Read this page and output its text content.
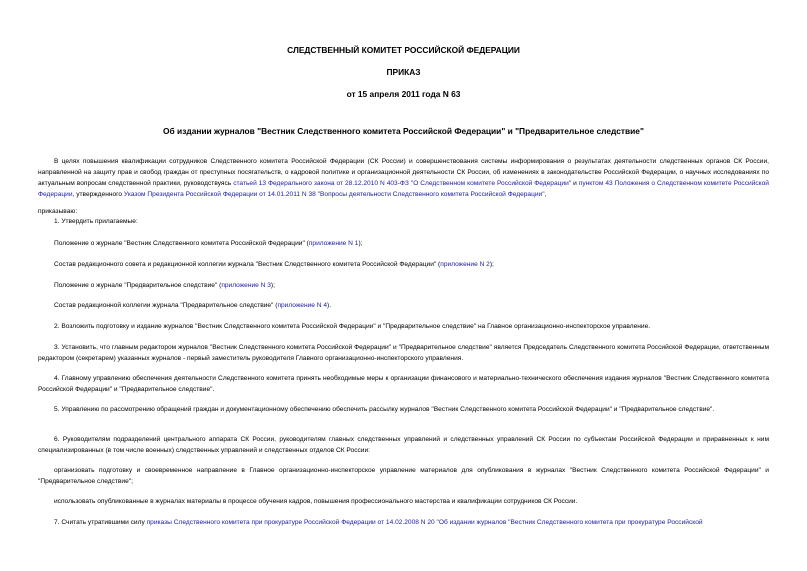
СЛЕДСТВЕННЫЙ КОМИТЕТ РОССИЙСКОЙ ФЕДЕРАЦИИ
ПРИКАЗ
от 15 апреля 2011 года N 63
Об издании журналов "Вестник Следственного комитета Российской Федерации" и "Предварительное следствие"
В целях повышения квалификации сотрудников Следственного комитета Российской Федерации (СК России) и совершенствования системы информирования о результатах деятельности следственных органов СК России, направленной на защиту прав и свобод граждан от преступных посягательств, о кадровой политике и организационной деятельности СК России, об изменениях в законодательстве Российской Федерации, о научных исследованиях по актуальным вопросам следственной практики, руководствуясь статьей 13 Федерального закона от 28.12.2010 N 403-ФЗ "О Следственном комитете Российской Федерации" и пунктом 43 Положения о Следственном комитете Российской Федерации, утвержденного Указом Президента Российской Федерации от 14.01.2011 N 38 "Вопросы деятельности Следственного комитета Российской Федерации",
приказываю:
1. Утвердить прилагаемые:
Положение о журнале "Вестник Следственного комитета Российской Федерации" (приложение N 1);
Состав редакционного совета и редакционной коллегии журнала "Вестник Следственного комитета Российской Федерации" (приложение N 2);
Положение о журнале "Предварительное следствие" (приложение N 3);
Состав редакционной коллегии журнала "Предварительное следствие" (приложение N 4).
2. Возложить подготовку и издание журналов "Вестник Следственного комитета Российской Федерации" и "Предварительное следствие" на Главное организационно-инспекторское управление.
3. Установить, что главным редактором журналов "Вестник Следственного комитета Российской Федерации" и "Предварительное следствие" является Председатель Следственного комитета Российской Федерации, ответственным редактором (секретарем) указанных журналов - первый заместитель руководителя Главного организационно-инспекторского управления.
4. Главному управлению обеспечения деятельности Следственного комитета принять необходимые меры к организации финансового и материально-технического обеспечения издания журналов "Вестник Следственного комитета Российской Федерации" и "Предварительное следствие".
5. Управлению по рассмотрению обращений граждан и документационному обеспечению обеспечить рассылку журналов "Вестник Следственного комитета Российской Федерации" и "Предварительное следствие".
6. Руководителям подразделений центрального аппарата СК России, руководителям главных следственных управлений и следственных управлений СК России по субъектам Российской Федерации и приравненных к ним специализированных (в том числе военных) следственных управлений и следственных отделов СК России:
организовать подготовку и своевременное направление в Главное организационно-инспекторское управление материалов для опубликования в журналах "Вестник Следственного комитета Российской Федерации" и "Предварительное следствие";
использовать опубликованные в журналах материалы в процессе обучения кадров, повышения профессионального мастерства и квалификации сотрудников СК России.
7. Считать утратившими силу приказы Следственного комитета при прокуратуре Российской Федерации от 14.02.2008 N 20 "Об издании журналов "Вестник Следственного комитета при прокуратуре Российской
